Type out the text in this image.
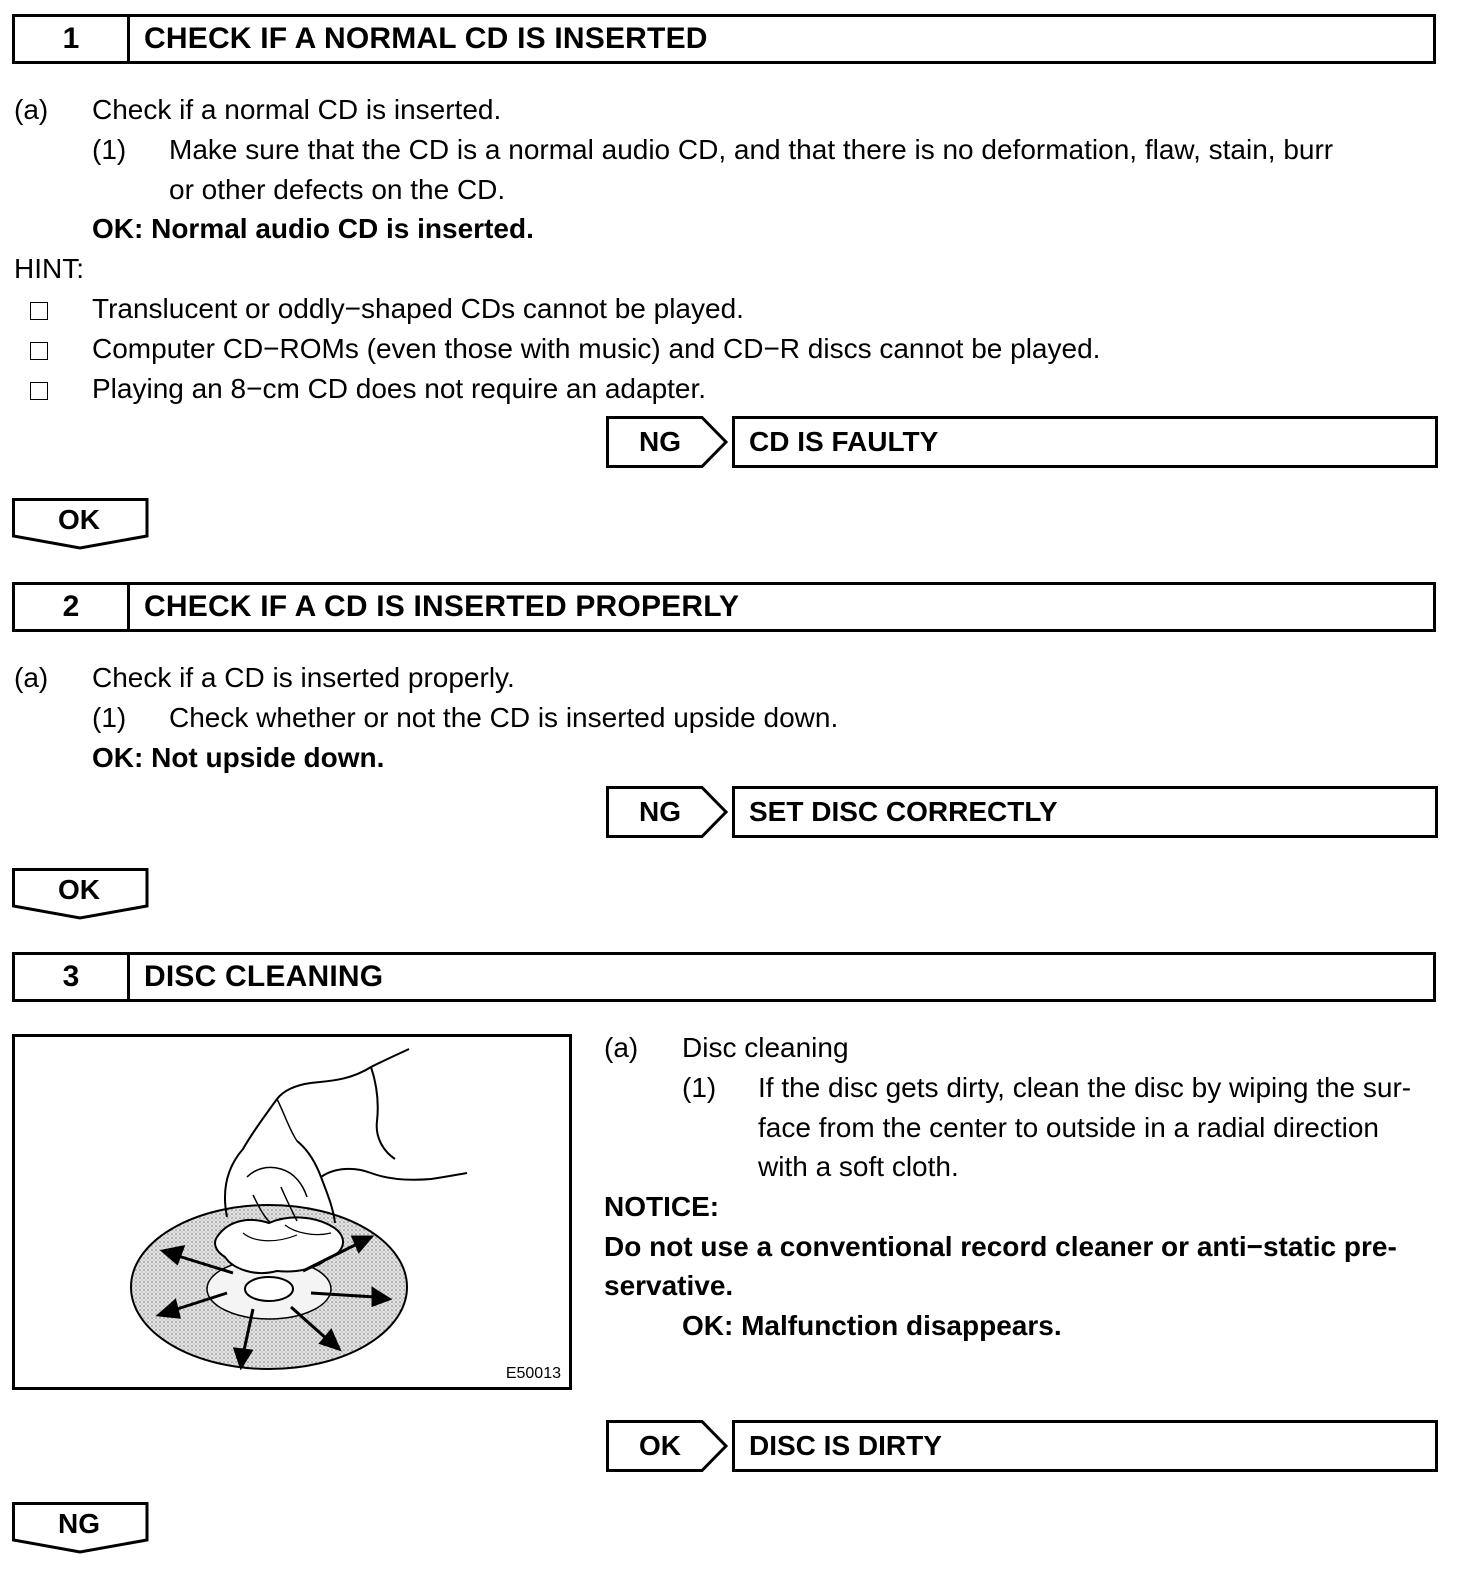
1	CHECK IF A NORMAL CD IS INSERTED
(a) Check if a normal CD is inserted.
(1) Make sure that the CD is a normal audio CD, and that there is no deformation, flaw, stain, burr
or other defects on the CD.
OK: Normal audio CD is inserted.
HINT:
Translucent or oddly−shaped CDs cannot be played.
Computer CD−ROMs (even those with music) and CD−R discs cannot be played.
Playing an 8−cm CD does not require an adapter.
NG	CD IS FAULTY
OK
2	CHECK IF A CD IS INSERTED PROPERLY
(a) Check if a CD is inserted properly.
(1) Check whether or not the CD is inserted upside down.
OK: Not upside down.
NG	SET DISC CORRECTLY
OK
3	DISC CLEANING
E50013
(a) Disc cleaning
(1) If the disc gets dirty, clean the disc by wiping the sur-
face from the center to outside in a radial direction
with a soft cloth.
NOTICE:
Do not use a conventional record cleaner or anti−static pre-
servative.
OK: Malfunction disappears.
OK	DISC IS DIRTY
NG
